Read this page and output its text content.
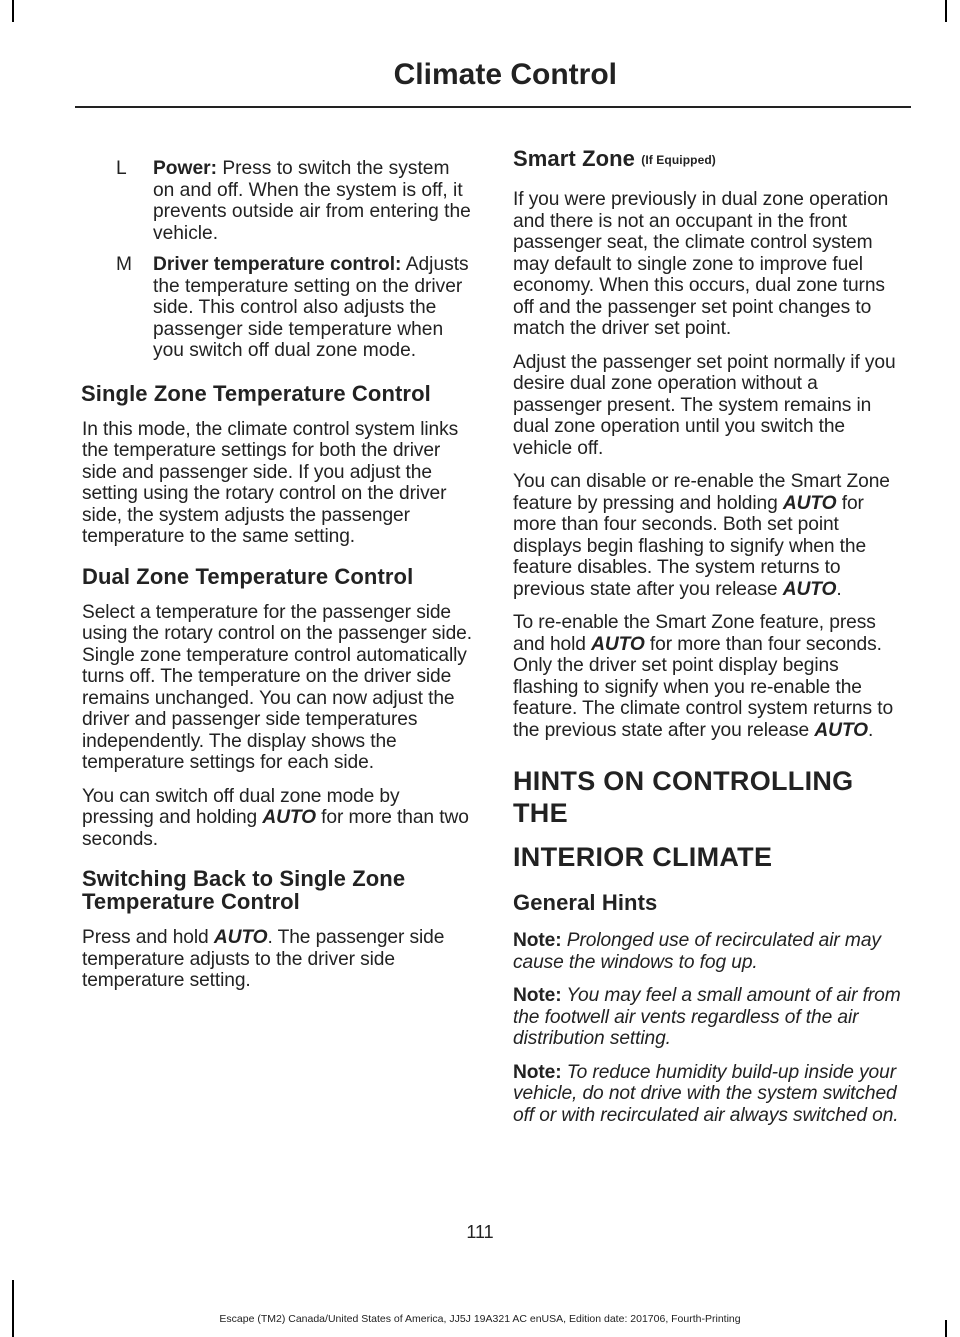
Climate Control
L	Power: Press to switch the system on and off. When the system is off, it prevents outside air from entering the vehicle.
M	Driver temperature control: Adjusts the temperature setting on the driver side. This control also adjusts the passenger side temperature when you switch off dual zone mode.
Single Zone Temperature Control

In this mode, the climate control system links the temperature settings for both the driver side and passenger side. If you adjust the setting using the rotary control on the driver side, the system adjusts the passenger temperature to the same setting.

Dual Zone Temperature Control

Select a temperature for the passenger side using the rotary control on the passenger side. Single zone temperature control automatically turns off. The temperature on the driver side remains unchanged. You can now adjust the driver and passenger side temperatures independently. The display shows the temperature settings for each side.

You can switch off dual zone mode by pressing and holding AUTO for more than two seconds.

Switching Back to Single Zone Temperature Control

Press and hold AUTO. The passenger side temperature adjusts to the driver side temperature setting.

Smart Zone (If Equipped)

If you were previously in dual zone operation and there is not an occupant in the front passenger seat, the climate control system may default to single zone to improve fuel economy. When this occurs, dual zone turns off and the passenger set point changes to match the driver set point.

Adjust the passenger set point normally if you desire dual zone operation without a passenger present. The system remains in dual zone operation until you switch the vehicle off.

You can disable or re-enable the Smart Zone feature by pressing and holding AUTO for more than four seconds. Both set point displays begin flashing to signify when the feature disables. The system returns to previous state after you release AUTO.

To re-enable the Smart Zone feature, press and hold AUTO for more than four seconds. Only the driver set point display begins flashing to signify when you re-enable the feature. The climate control system returns to the previous state after you release AUTO.

HINTS ON CONTROLLING THE
INTERIOR CLIMATE
General Hints

Note: Prolonged use of recirculated air may cause the windows to fog up.

Note: You may feel a small amount of air from the footwell air vents regardless of the air distribution setting.

Note: To reduce humidity build-up inside your vehicle, do not drive with the system switched off or with recirculated air always switched on.

111
Escape (TM2) Canada/United States of America, JJ5J 19A321 AC enUSA, Edition date: 201706, Fourth-Printing
